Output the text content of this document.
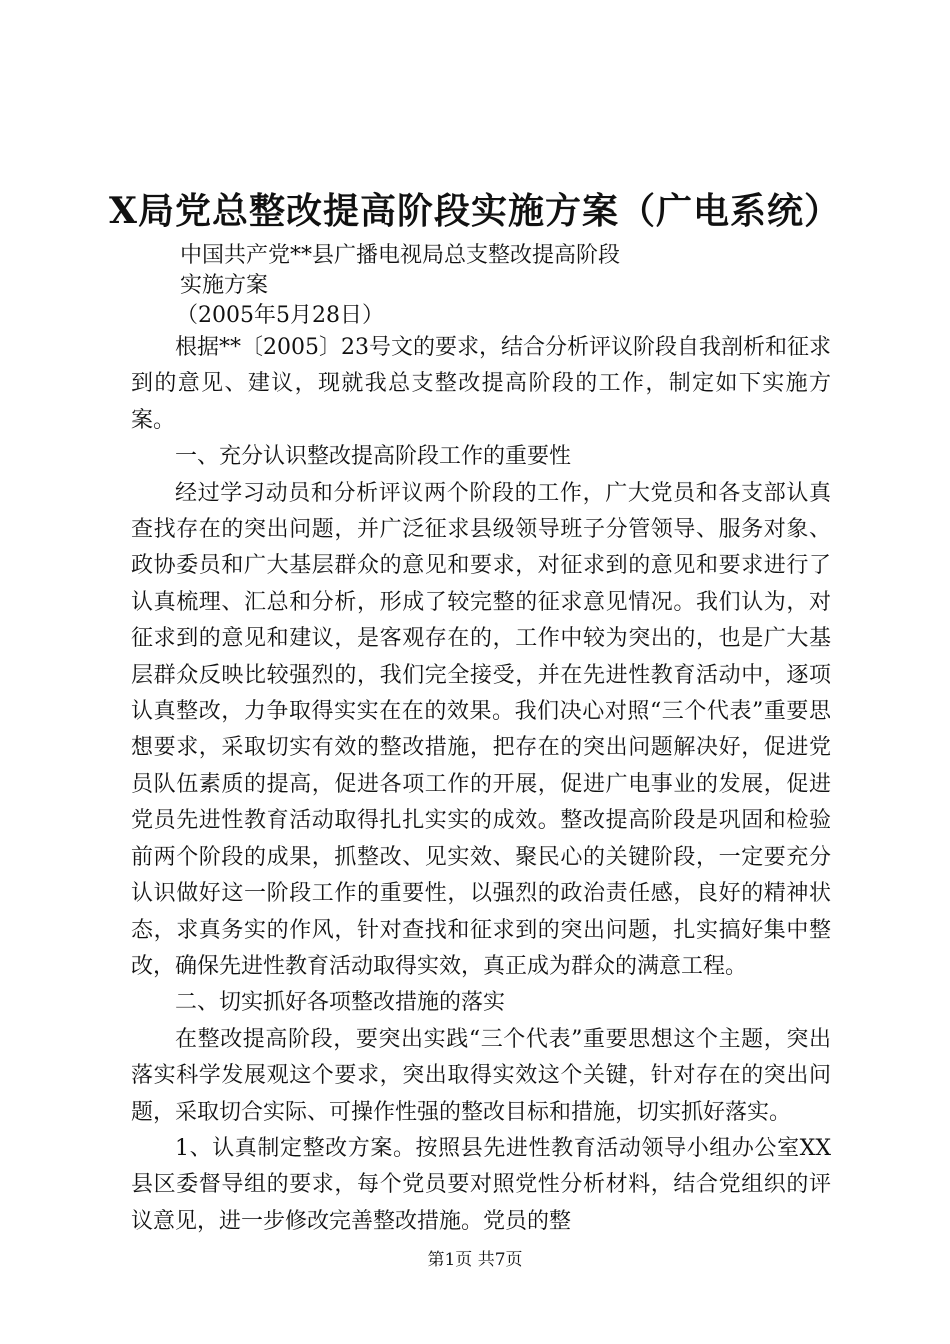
X局党总整改提高阶段实施方案（广电系统）
中国共产党**县广播电视局总支整改提高阶段
实施方案
（2005年5月28日）

根据**〔2005〕23号文的要求，结合分析评议阶段自我剖析和征求到的意见、建议，现就我总支整改提高阶段的工作，制定如下实施方案。

一、充分认识整改提高阶段工作的重要性

经过学习动员和分析评议两个阶段的工作，广大党员和各支部认真查找存在的突出问题，并广泛征求县级领导班子分管领导、服务对象、政协委员和广大基层群众的意见和要求，对征求到的意见和要求进行了认真梳理、汇总和分析，形成了较完整的征求意见情况。我们认为，对征求到的意见和建议，是客观存在的，工作中较为突出的，也是广大基层群众反映比较强烈的，我们完全接受，并在先进性教育活动中，逐项认真整改，力争取得实实在在的效果。我们决心对照“三个代表”重要思想要求，采取切实有效的整改措施，把存在的突出问题解决好，促进党员队伍素质的提高，促进各项工作的开展，促进广电事业的发展，促进党员先进性教育活动取得扎扎实实的成效。整改提高阶段是巩固和检验前两个阶段的成果，抓整改、见实效、聚民心的关键阶段，一定要充分认识做好这一阶段工作的重要性，以强烈的政治责任感，良好的精神状态，求真务实的作风，针对查找和征求到的突出问题，扎实搞好集中整改，确保先进性教育活动取得实效，真正成为群众的满意工程。

二、切实抓好各项整改措施的落实

在整改提高阶段，要突出实践“三个代表”重要思想这个主题，突出落实科学发展观这个要求，突出取得实效这个关键，针对存在的突出问题，采取切合实际、可操作性强的整改目标和措施，切实抓好落实。

1、认真制定整改方案。按照县先进性教育活动领导小组办公室XX县区委督导组的要求，每个党员要对照党性分析材料，结合党组织的评议意见，进一步修改完善整改措施。党员的整

第1页 共7页
